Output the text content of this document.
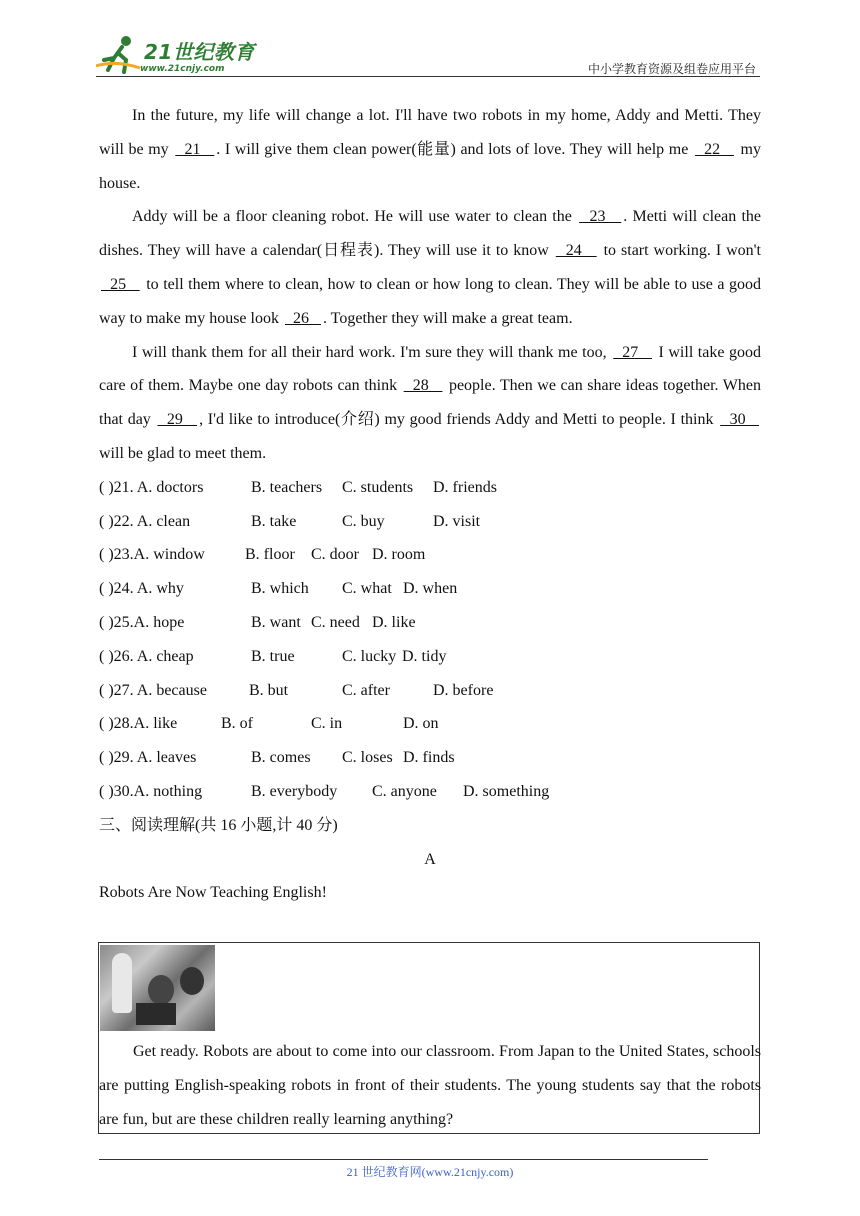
21世纪教育
www.21cnjy.com	中小学教育资源及组卷应用平台

In the future, my life will change a lot. I'll have two robots in my home, Addy and Metti. They will be my   21   . I will give them clean power(能量) and lots of love. They will help me   22    my house.

Addy will be a floor cleaning robot. He will use water to clean the   23   . Metti will clean the dishes. They will have a calendar(日程表). They will use it to know   24    to start working. I won't   25    to tell them where to clean, how to clean or how long to clean. They will be able to use a good way to make my house look   26   . Together they will make a great team.

I will thank them for all their hard work. I'm sure they will thank me too,   27    I will take good care of them. Maybe one day robots can think   28    people. Then we can share ideas together. When that day   29   , I'd like to introduce(介绍) my good friends Addy and Metti to people. I think   30    will be glad to meet them.

( )21. A. doctors	B. teachers C. students D. friends
( )22. A. clean	B. take	C. buy	D. visit
( )23.A. window	B. floor C. door D. room
( )24. A. why	B. which C. what D. when
( )25.A. hope	B. want C. need D. like
( )26. A. cheap	B. true	C. lucky D. tidy
( )27. A. because	B. but	C. after	D. before
( )28.A. like	B. of	C. in	D. on
( )29. A. leaves	B. comes C. loses D. finds
( )30.A. nothing	B. everybody C. anyone D. something
三、阅读理解(共 16 小题,计 40 分)
A
Robots Are Now Teaching English!

Get ready. Robots are about to come into our classroom. From Japan to the United States, schools are putting English-speaking robots in front of their students. The young students say that the robots are fun, but are these children really learning anything?

21 世纪教育网(www.21cnjy.com)
